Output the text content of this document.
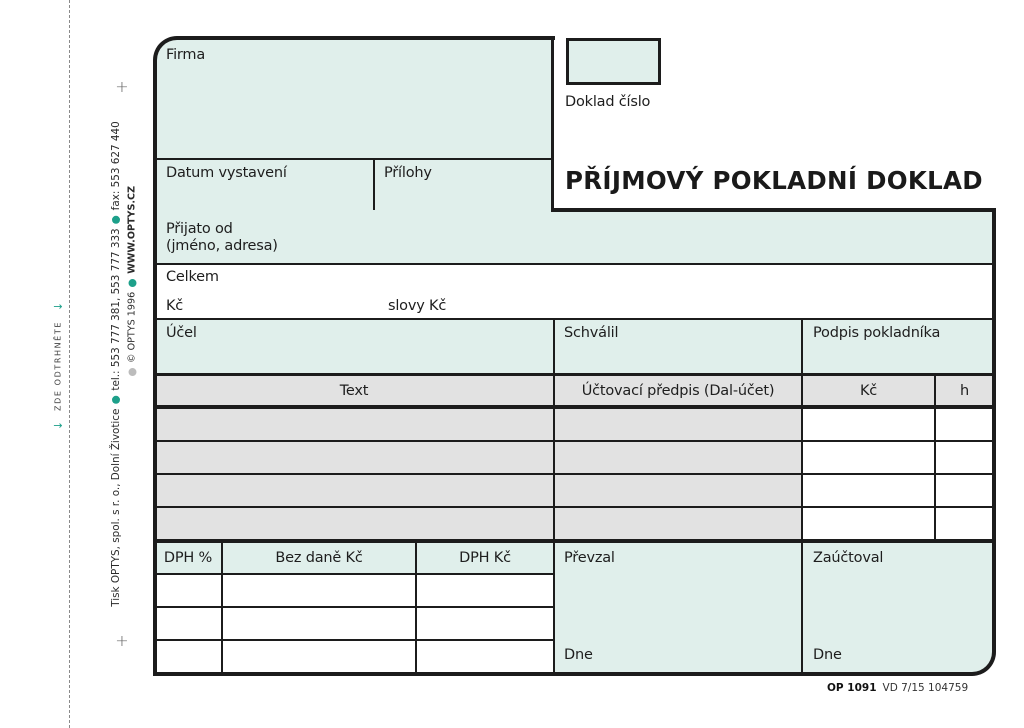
→
ZDE ODTRHNĚTE
→
+
+
Tisk OPTYS, spol. s r. o., Dolní Životice
tel.: 553 777 381, 553 777 333
fax: 553 627 440
© OPTYS 1996
WWW.OPTYS.CZ
Firma
Doklad číslo
PŘÍJMOVÝ POKLADNÍ DOKLAD
Datum vystavení	Přílohy
Přijato od
(jméno, adresa)
Celkem
Kč	slovy Kč
Účel	Schválil	Podpis pokladníka
Text	Účtovací předpis (Dal-účet)	Kč	h
DPH %	Bez daně Kč	DPH Kč	Převzal	Zaúčtoval
Dne	Dne
OP 1091 VD 7/15 104759
